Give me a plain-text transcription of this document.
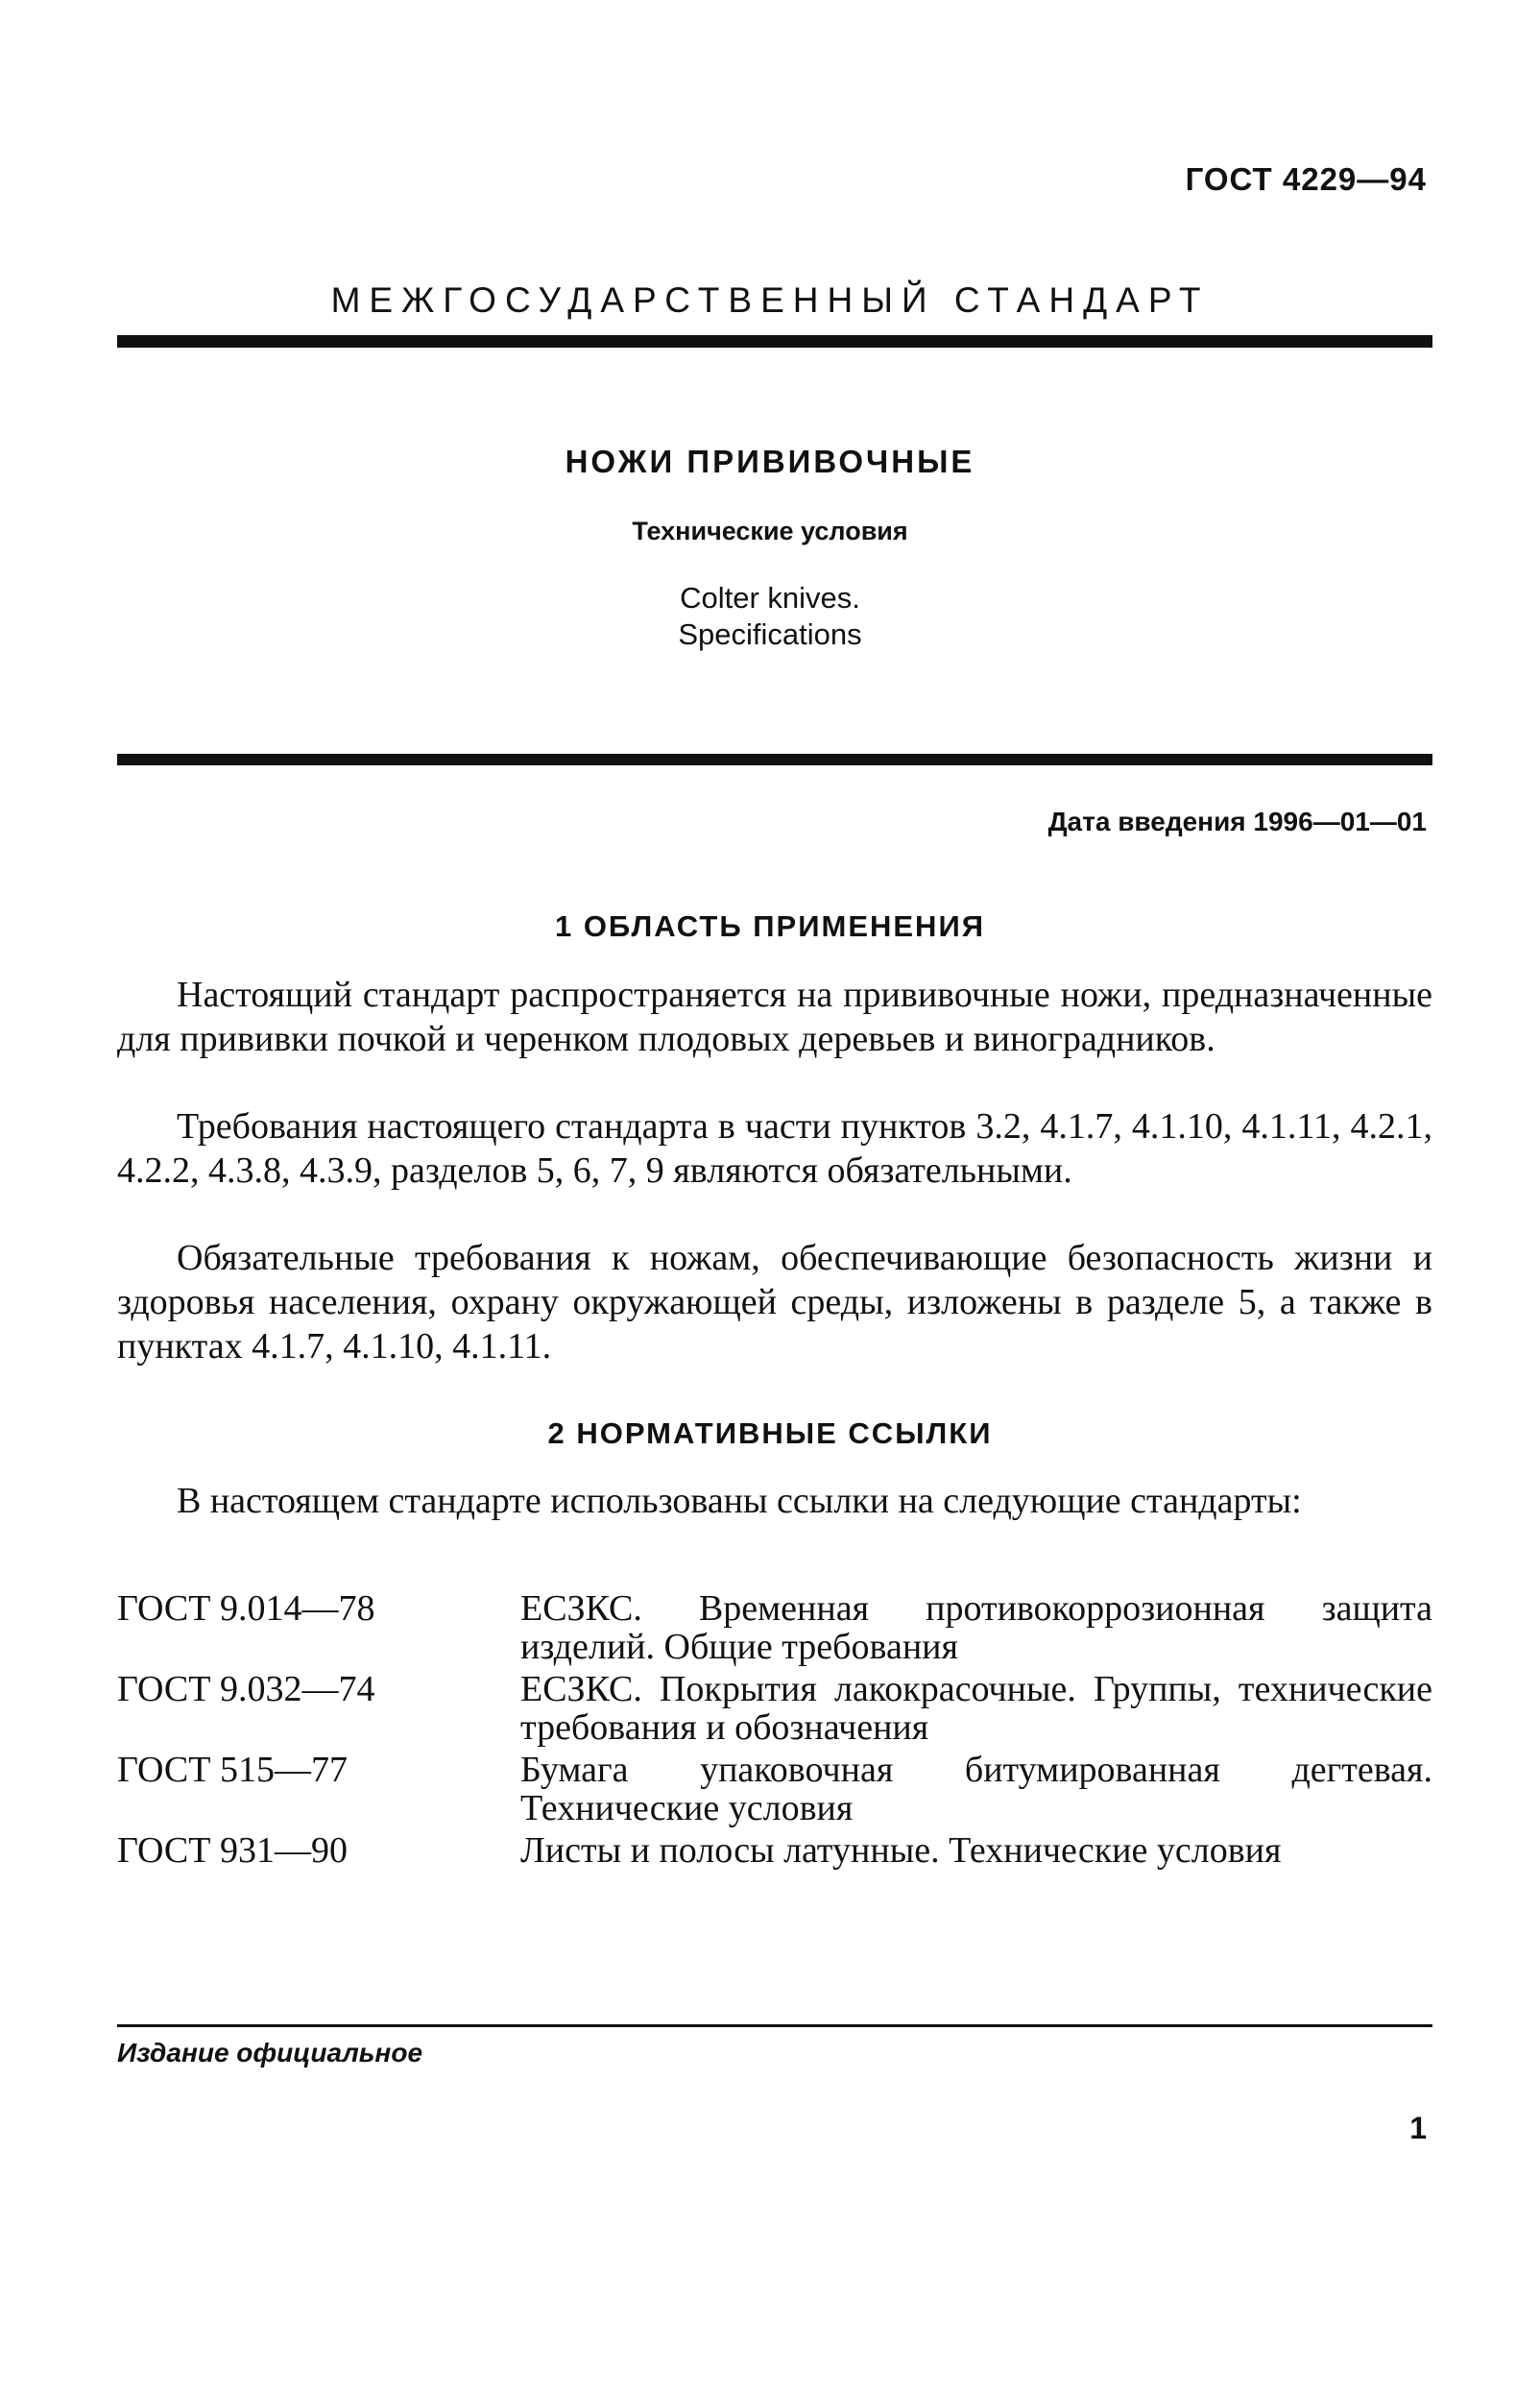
ГОСТ 4229—94
МЕЖГОСУДАРСТВЕННЫЙ СТАНДАРТ
НОЖИ ПРИВИВОЧНЫЕ
Технические условия
Colter knives.
Specifications
Дата введения 1996—01—01
1 ОБЛАСТЬ ПРИМЕНЕНИЯ
Настоящий стандарт распространяется на прививочные ножи, предназначенные для прививки почкой и черенком плодовых деревьев и виноградников.
Требования настоящего стандарта в части пунктов 3.2, 4.1.7, 4.1.10, 4.1.11, 4.2.1, 4.2.2, 4.3.8, 4.3.9, разделов 5, 6, 7, 9 являются обязательными.
Обязательные требования к ножам, обеспечивающие безопасность жизни и здоровья населения, охрану окружающей среды, изложены в разделе 5, а также в пунктах 4.1.7, 4.1.10, 4.1.11.
2 НОРМАТИВНЫЕ ССЫЛКИ
В настоящем стандарте использованы ссылки на следующие стандарты:
ГОСТ 9.014—78	ЕСЗКС. Временная противокоррозионная защита изделий. Общие требования
ГОСТ 9.032—74	ЕСЗКС. Покрытия лакокрасочные. Группы, технические требования и обозначения
ГОСТ 515—77	Бумага упаковочная битумированная дегтевая. Технические условия
ГОСТ 931—90	Листы и полосы латунные. Технические условия
Издание официальное
1
